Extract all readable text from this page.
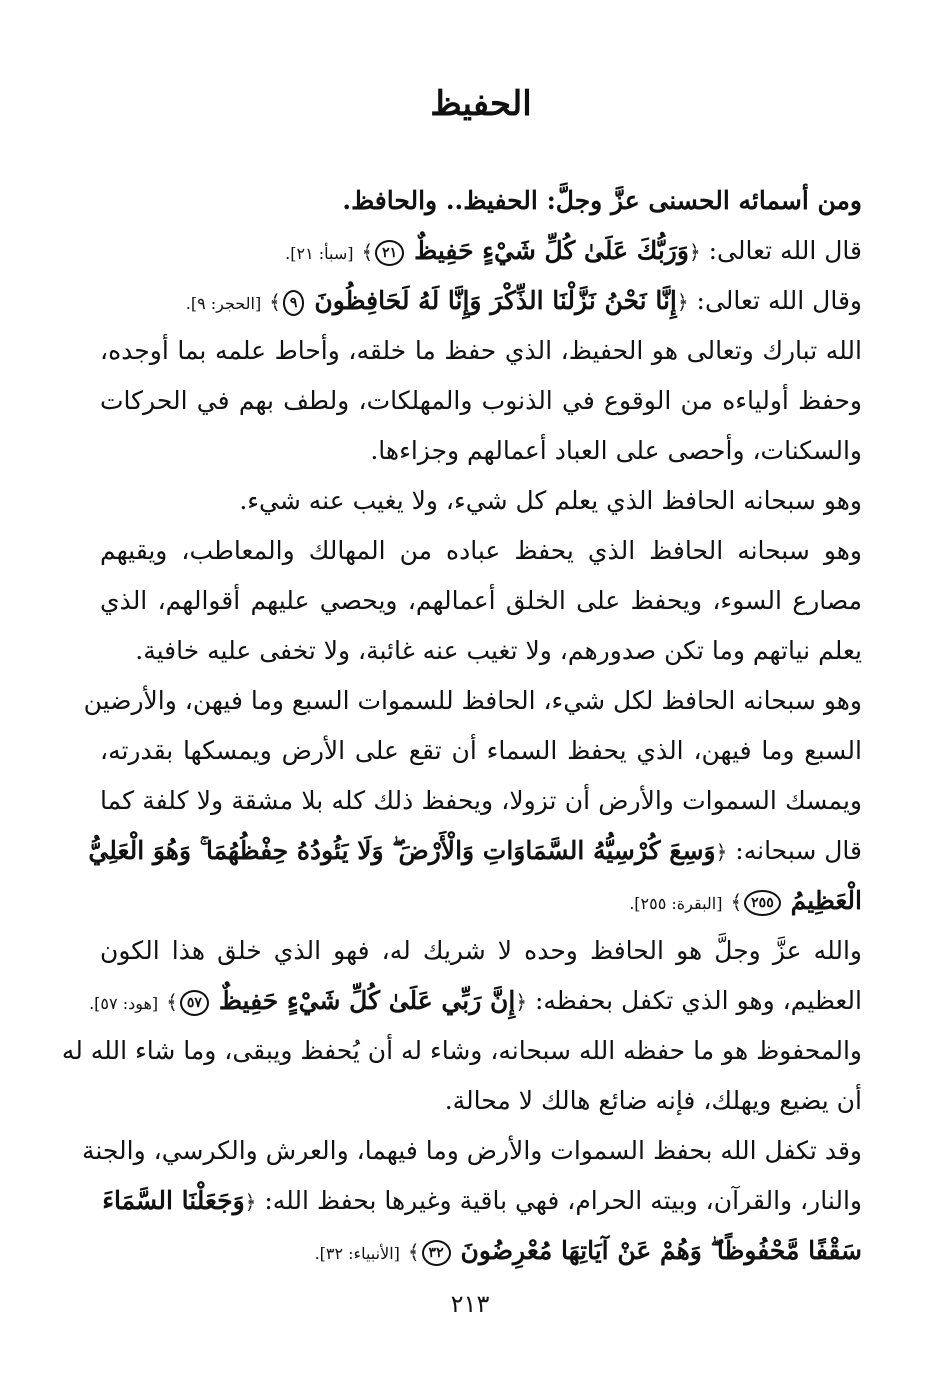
الحفيظ
ومن أسمائه الحسنى عزَّ وجلَّ: الحفيظ.. والحافظ.
قال الله تعالى: ﴿وَرَبُّكَ عَلَىٰ كُلِّ شَيْءٍ حَفِيظٌ ٢١﴾ [سبأ: ٢١].
وقال الله تعالى: ﴿إِنَّا نَحْنُ نَزَّلْنَا الذِّكْرَ وَإِنَّا لَهُ لَحَافِظُونَ ٩﴾ [الحجر: ٩].
الله تبارك وتعالى هو الحفيظ، الذي حفظ ما خلقه، وأحاط علمه بما أوجده،
وحفظ أولياءه من الوقوع في الذنوب والمهلكات، ولطف بهم في الحركات
والسكنات، وأحصى على العباد أعمالهم وجزاءها.
وهو سبحانه الحافظ الذي يعلم كل شيء، ولا يغيب عنه شيء.
وهو سبحانه الحافظ الذي يحفظ عباده من المهالك والمعاطب، ويقيهم
مصارع السوء، ويحفظ على الخلق أعمالهم، ويحصي عليهم أقوالهم، الذي
يعلم نياتهم وما تكن صدورهم، ولا تغيب عنه غائبة، ولا تخفى عليه خافية.
وهو سبحانه الحافظ لكل شيء، الحافظ للسموات السبع وما فيهن، والأرضين
السبع وما فيهن، الذي يحفظ السماء أن تقع على الأرض ويمسكها بقدرته،
ويمسك السموات والأرض أن تزولا، ويحفظ ذلك كله بلا مشقة ولا كلفة كما
قال سبحانه: ﴿وَسِعَ كُرْسِيُّهُ السَّمَاوَاتِ وَالْأَرْضَ ۖ وَلَا يَئُودُهُ حِفْظُهُمَا ۚ وَهُوَ الْعَلِيُّ
الْعَظِيمُ ٢٥٥﴾ [البقرة: ٢٥٥].
والله عزَّ وجلَّ هو الحافظ وحده لا شريك له، فهو الذي خلق هذا الكون
العظيم، وهو الذي تكفل بحفظه: ﴿إِنَّ رَبِّي عَلَىٰ كُلِّ شَيْءٍ حَفِيظٌ ٥٧﴾ [هود: ٥٧].
والمحفوظ هو ما حفظه الله سبحانه، وشاء له أن يُحفظ ويبقى، وما شاء الله له
أن يضيع ويهلك، فإنه ضائع هالك لا محالة.
وقد تكفل الله بحفظ السموات والأرض وما فيهما، والعرش والكرسي، والجنة
والنار، والقرآن، وبيته الحرام، فهي باقية وغيرها بحفظ الله: ﴿وَجَعَلْنَا السَّمَاءَ
سَقْفًا مَّحْفُوظًا ۖ وَهُمْ عَنْ آيَاتِهَا مُعْرِضُونَ ٣٢﴾ [الأنبياء: ٣٢].
٢١٣
